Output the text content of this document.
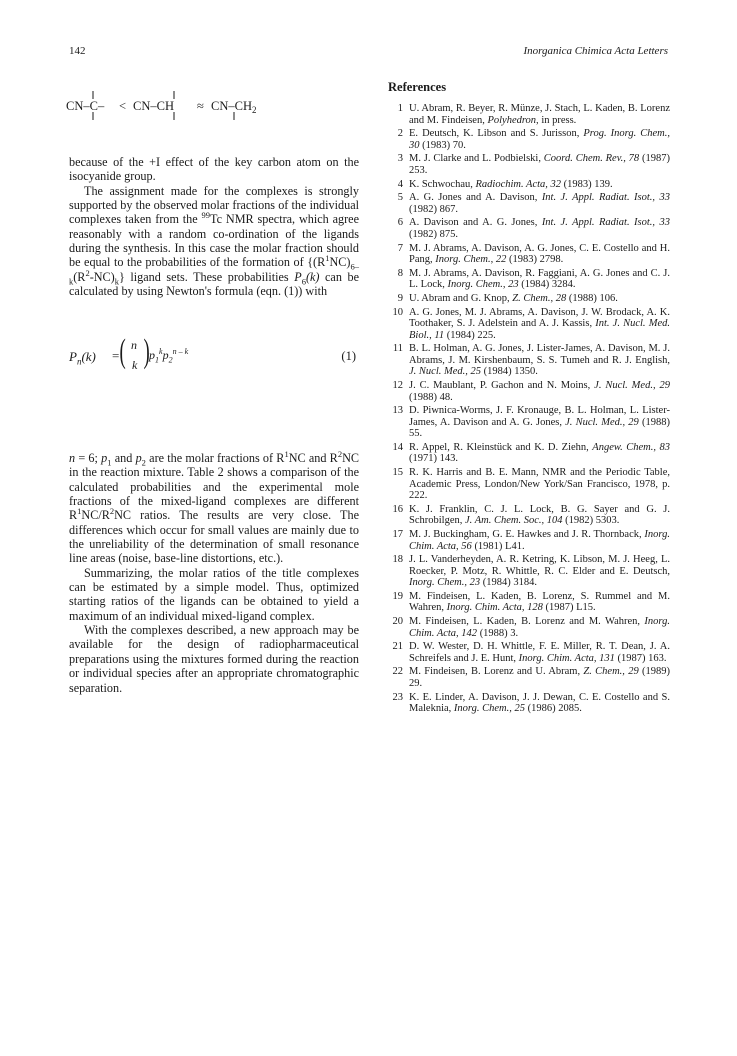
142	Inorganica Chimica Acta Letters
$CN-C- < CN-CH \approx CN-CH_2$

because of the +I effect of the key carbon atom on the isocyanide group.

The assignment made for the complexes is strongly supported by the observed molar fractions of the individual complexes taken from the $^{99}$Tc NMR spectra, which agree reasonably with a random co-ordination of the ligands during the synthesis. In this case the molar fraction should be equal to the probabilities of the formation of $\{(R^1NC)_{6-k}(R^2-NC)_k\}$ ligand sets. These probabilities $P_6(k)$ can be calculated by using Newton's formula (eqn. (1)) with

$P_n(k)$ = ( n
k ) $p_1^kp_2^{n - k}$	(1)

n = 6; $p_1$ and $p_2$ are the molar fractions of $R^1NC$ and $R^2NC$ in the reaction mixture. Table 2 shows a comparison of the calculated probabilities and the experimental mole fractions of the mixed-ligand complexes are different $R^1NC/R^2NC$ ratios. The results are very close. The differences which occur for small values are mainly due to the unreliability of the determination of small resonance line areas (noise, base-line distortions, etc.).

Summarizing, the molar ratios of the title complexes can be estimated by a simple model. Thus, optimized starting ratios of the ligands can be obtained to yield a maximum of an individual mixed-ligand complex.

With the complexes described, a new approach may be available for the design of radiopharmaceutical preparations using the mixtures formed during the reaction or individual species after an appropriate chromatographic separation.

References
1 U. Abram, R. Beyer, R. Münze, J. Stach, L. Kaden, B. Lorenz and M. Findeisen, Polyhedron, in press.
2 E. Deutsch, K. Libson and S. Jurisson, Prog. Inorg. Chem., 30 (1983) 70.
3 M. J. Clarke and L. Podbielski, Coord. Chem. Rev., 78 (1987) 253.
4 K. Schwochau, Radiochim. Acta, 32 (1983) 139.
5 A. G. Jones and A. Davison, Int. J. Appl. Radiat. Isot., 33 (1982) 867.
6 A. Davison and A. G. Jones, Int. J. Appl. Radiat. Isot., 33 (1982) 875.
7 M. J. Abrams, A. Davison, A. G. Jones, C. E. Costello and H. Pang, Inorg. Chem., 22 (1983) 2798.
8 M. J. Abrams, A. Davison, R. Faggiani, A. G. Jones and C. J. L. Lock, Inorg. Chem., 23 (1984) 3284.
9 U. Abram and G. Knop, Z. Chem., 28 (1988) 106.
10 A. G. Jones, M. J. Abrams, A. Davison, J. W. Brodack, A. K. Toothaker, S. J. Adelstein and A. J. Kassis, Int. J. Nucl. Med. Biol., 11 (1984) 225.
11 B. L. Holman, A. G. Jones, J. Lister-James, A. Davison, M. J. Abrams, J. M. Kirshenbaum, S. S. Tumeh and R. J. English, J. Nucl. Med., 25 (1984) 1350.
12 J. C. Maublant, P. Gachon and N. Moins, J. Nucl. Med., 29 (1988) 48.
13 D. Piwnica-Worms, J. F. Kronauge, B. L. Holman, L. Lister-James, A. Davison and A. G. Jones, J. Nucl. Med., 29 (1988) 55.
14 R. Appel, R. Kleinstück and K. D. Ziehn, Angew. Chem., 83 (1971) 143.
15 R. K. Harris and B. E. Mann, NMR and the Periodic Table, Academic Press, London/New York/San Francisco, 1978, p. 222.
16 K. J. Franklin, C. J. L. Lock, B. G. Sayer and G. J. Schrobilgen, J. Am. Chem. Soc., 104 (1982) 5303.
17 M. J. Buckingham, G. E. Hawkes and J. R. Thornback, Inorg. Chim. Acta, 56 (1981) L41.
18 J. L. Vanderheyden, A. R. Ketring, K. Libson, M. J. Heeg, L. Roecker, P. Motz, R. Whittle, R. C. Elder and E. Deutsch, Inorg. Chem., 23 (1984) 3184.
19 M. Findeisen, L. Kaden, B. Lorenz, S. Rummel and M. Wahren, Inorg. Chim. Acta, 128 (1987) L15.
20 M. Findeisen, L. Kaden, B. Lorenz and M. Wahren, Inorg. Chim. Acta, 142 (1988) 3.
21 D. W. Wester, D. H. Whittle, F. E. Miller, R. T. Dean, J. A. Schreifels and J. E. Hunt, Inorg. Chim. Acta, 131 (1987) 163.
22 M. Findeisen, B. Lorenz and U. Abram, Z. Chem., 29 (1989) 29.
23 K. E. Linder, A. Davison, J. J. Dewan, C. E. Costello and S. Maleknia, Inorg. Chem., 25 (1986) 2085.
